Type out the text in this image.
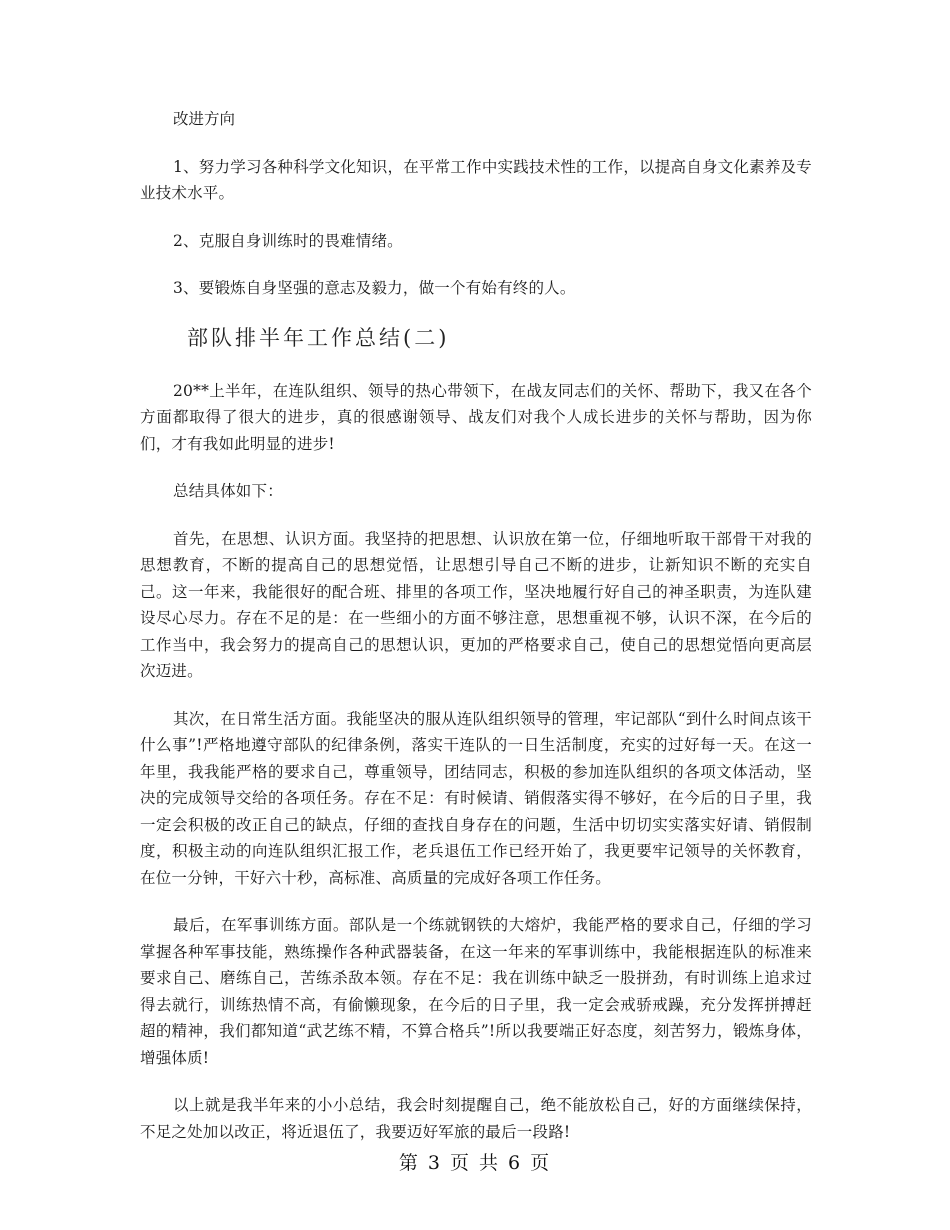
改进方向
1、努力学习各种科学文化知识，在平常工作中实践技术性的工作，以提高自身文化素养及专业技术水平。
2、克服自身训练时的畏难情绪。
3、要锻炼自身坚强的意志及毅力，做一个有始有终的人。
部队排半年工作总结(二)
20**上半年，在连队组织、领导的热心带领下，在战友同志们的关怀、帮助下，我又在各个方面都取得了很大的进步，真的很感谢领导、战友们对我个人成长进步的关怀与帮助，因为你们，才有我如此明显的进步!
总结具体如下：
首先，在思想、认识方面。我坚持的把思想、认识放在第一位，仔细地听取干部骨干对我的思想教育，不断的提高自己的思想觉悟，让思想引导自己不断的进步，让新知识不断的充实自己。这一年来，我能很好的配合班、排里的各项工作，坚决地履行好自己的神圣职责，为连队建设尽心尽力。存在不足的是：在一些细小的方面不够注意，思想重视不够，认识不深，在今后的工作当中，我会努力的提高自己的思想认识，更加的严格要求自己，使自己的思想觉悟向更高层次迈进。
其次，在日常生活方面。我能坚决的服从连队组织领导的管理，牢记部队“到什么时间点该干什么事”!严格地遵守部队的纪律条例，落实干连队的一日生活制度，充实的过好每一天。在这一年里，我我能严格的要求自己，尊重领导，团结同志，积极的参加连队组织的各项文体活动，坚决的完成领导交给的各项任务。存在不足：有时候请、销假落实得不够好，在今后的日子里，我一定会积极的改正自己的缺点，仔细的查找自身存在的问题，生活中切切实实落实好请、销假制度，积极主动的向连队组织汇报工作，老兵退伍工作已经开始了，我更要牢记领导的关怀教育，在位一分钟，干好六十秒，高标准、高质量的完成好各项工作任务。
最后，在军事训练方面。部队是一个练就钢铁的大熔炉，我能严格的要求自己，仔细的学习掌握各种军事技能，熟练操作各种武器装备，在这一年来的军事训练中，我能根据连队的标准来要求自己、磨练自己，苦练杀敌本领。存在不足：我在训练中缺乏一股拼劲，有时训练上追求过得去就行，训练热情不高，有偷懒现象，在今后的日子里，我一定会戒骄戒躁，充分发挥拼搏赶超的精神，我们都知道“武艺练不精，不算合格兵”!所以我要端正好态度，刻苦努力，锻炼身体，增强体质!
以上就是我半年来的小小总结，我会时刻提醒自己，绝不能放松自己，好的方面继续保持，不足之处加以改正，将近退伍了，我要迈好军旅的最后一段路!
第 3 页 共 6 页
